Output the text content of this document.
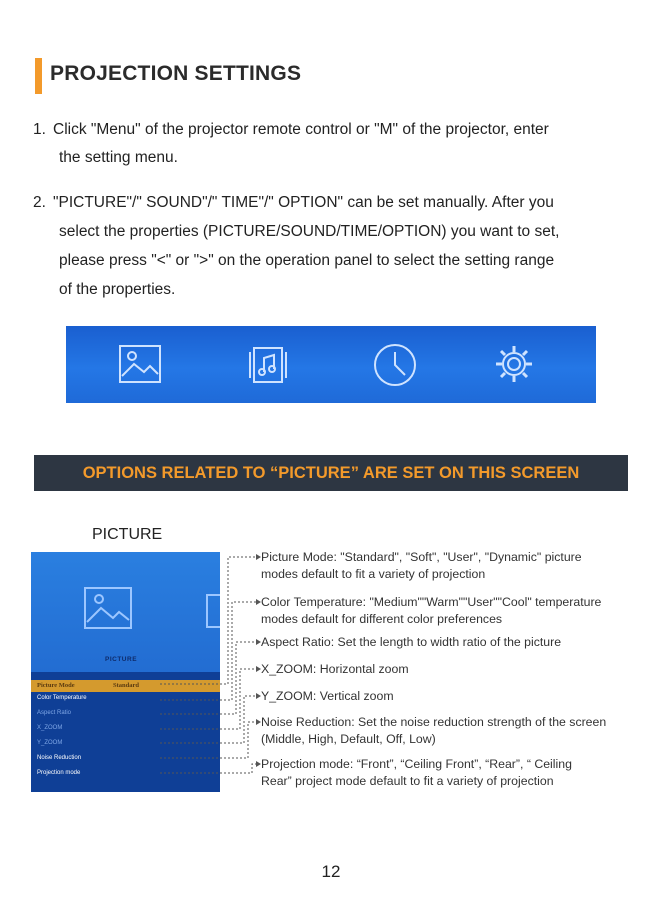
PROJECTION SETTINGS
1. Click "Menu" of the projector remote control or "M" of the projector, enter
the setting menu.
2. "PICTURE"/" SOUND"/" TIME"/" OPTION" can be set manually. After you
select the properties (PICTURE/SOUND/TIME/OPTION) you want to set,
please press "<" or ">" on the operation panel to select the setting range
of the properties.
OPTIONS RELATED TO “PICTURE” ARE SET ON THIS SCREEN
PICTURE
PICTURE
Picture Mode	Standard
Color Temperature
Aspect Ratio
X_ZOOM
Y_ZOOM
Noise Reduction
Projection mode
Picture Mode: "Standard", "Soft", "User", "Dynamic" picture
modes default to fit a variety of projection
Color Temperature: "Medium""Warm""User""Cool" temperature
modes default for different color preferences
Aspect Ratio: Set the length to width ratio of the picture
X_ZOOM: Horizontal zoom
Y_ZOOM: Vertical zoom
Noise Reduction: Set the noise reduction strength of the screen
(Middle, High, Default, Off, Low)
Projection mode: “Front”, “Ceiling Front”, “Rear”, “ Ceiling
Rear” project mode default to fit a variety of projection
12
